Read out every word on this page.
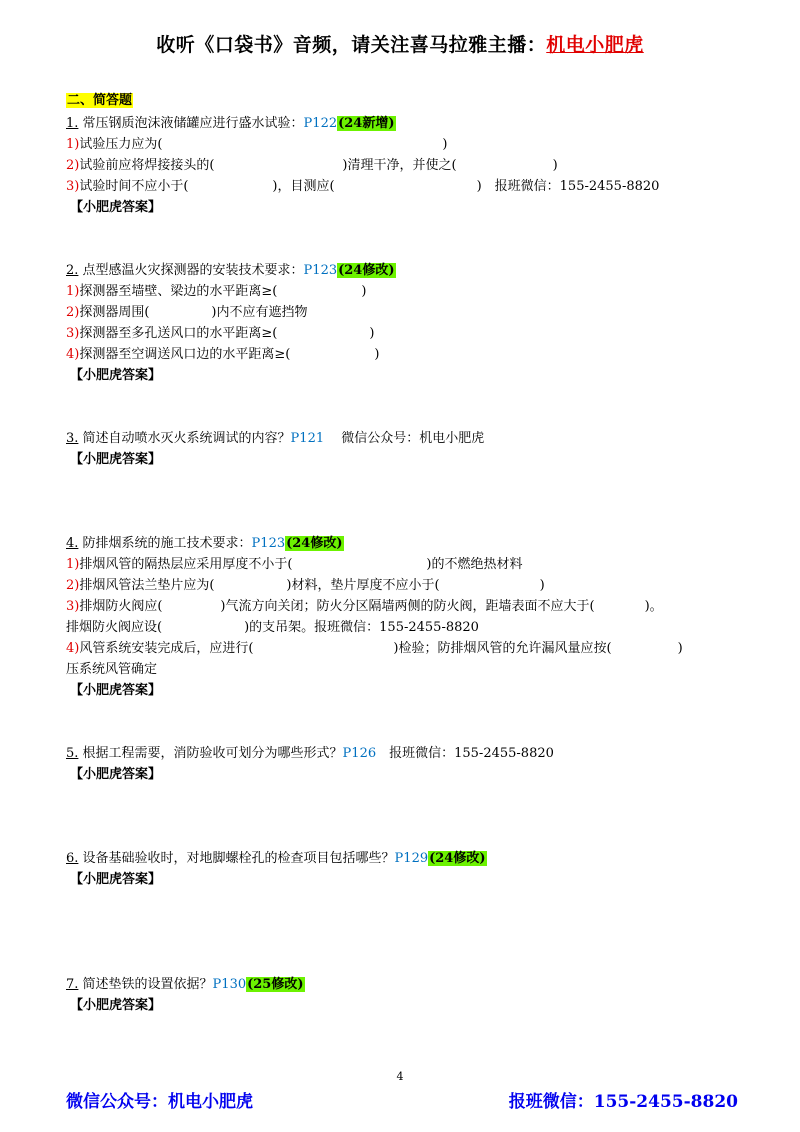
收听《口袋书》音频，请关注喜马拉雅主播：机电小肥虎
二、简答题
1. 常压钢质泡沫液储罐应进行盛水试验：P122(24新增)
1)试验压力应为(	)
2)试验前应将焊接接头的(	)清理干净，并使之(	)
3)试验时间不应小于(	)，目测应(	)　报班微信：155-2455-8820
【小肥虎答案】
2. 点型感温火灾探测器的安装技术要求：P123(24修改)
1)探测器至墙壁、梁边的水平距离≥(	)
2)探测器周围(	)内不应有遮挡物
3)探测器至多孔送风口的水平距离≥(	)
4)探测器至空调送风口边的水平距离≥(	)
【小肥虎答案】
3. 简述自动喷水灭火系统调试的内容？P121　 微信公众号：机电小肥虎
【小肥虎答案】
4. 防排烟系统的施工技术要求：P123(24修改)
1)排烟风管的隔热层应采用厚度不小于(	)的不燃绝热材料
2)排烟风管法兰垫片应为(	)材料，垫片厚度不应小于(	)
3)排烟防火阀应(	)气流方向关闭；防火分区隔墙两侧的防火阀，距墙表面不应大于(	)。
排烟防火阀应设(	)的支吊架。报班微信：155-2455-8820
4)风管系统安装完成后，应进行(	)检验；防排烟风管的允许漏风量应按(	)
压系统风管确定
【小肥虎答案】
5. 根据工程需要，消防验收可划分为哪些形式？P126　报班微信：155-2455-8820
【小肥虎答案】
6. 设备基础验收时，对地脚螺栓孔的检查项目包括哪些？P129(24修改)
【小肥虎答案】
7. 简述垫铁的设置依据？P130(25修改)
【小肥虎答案】
4
微信公众号：机电小肥虎	报班微信：155-2455-8820
